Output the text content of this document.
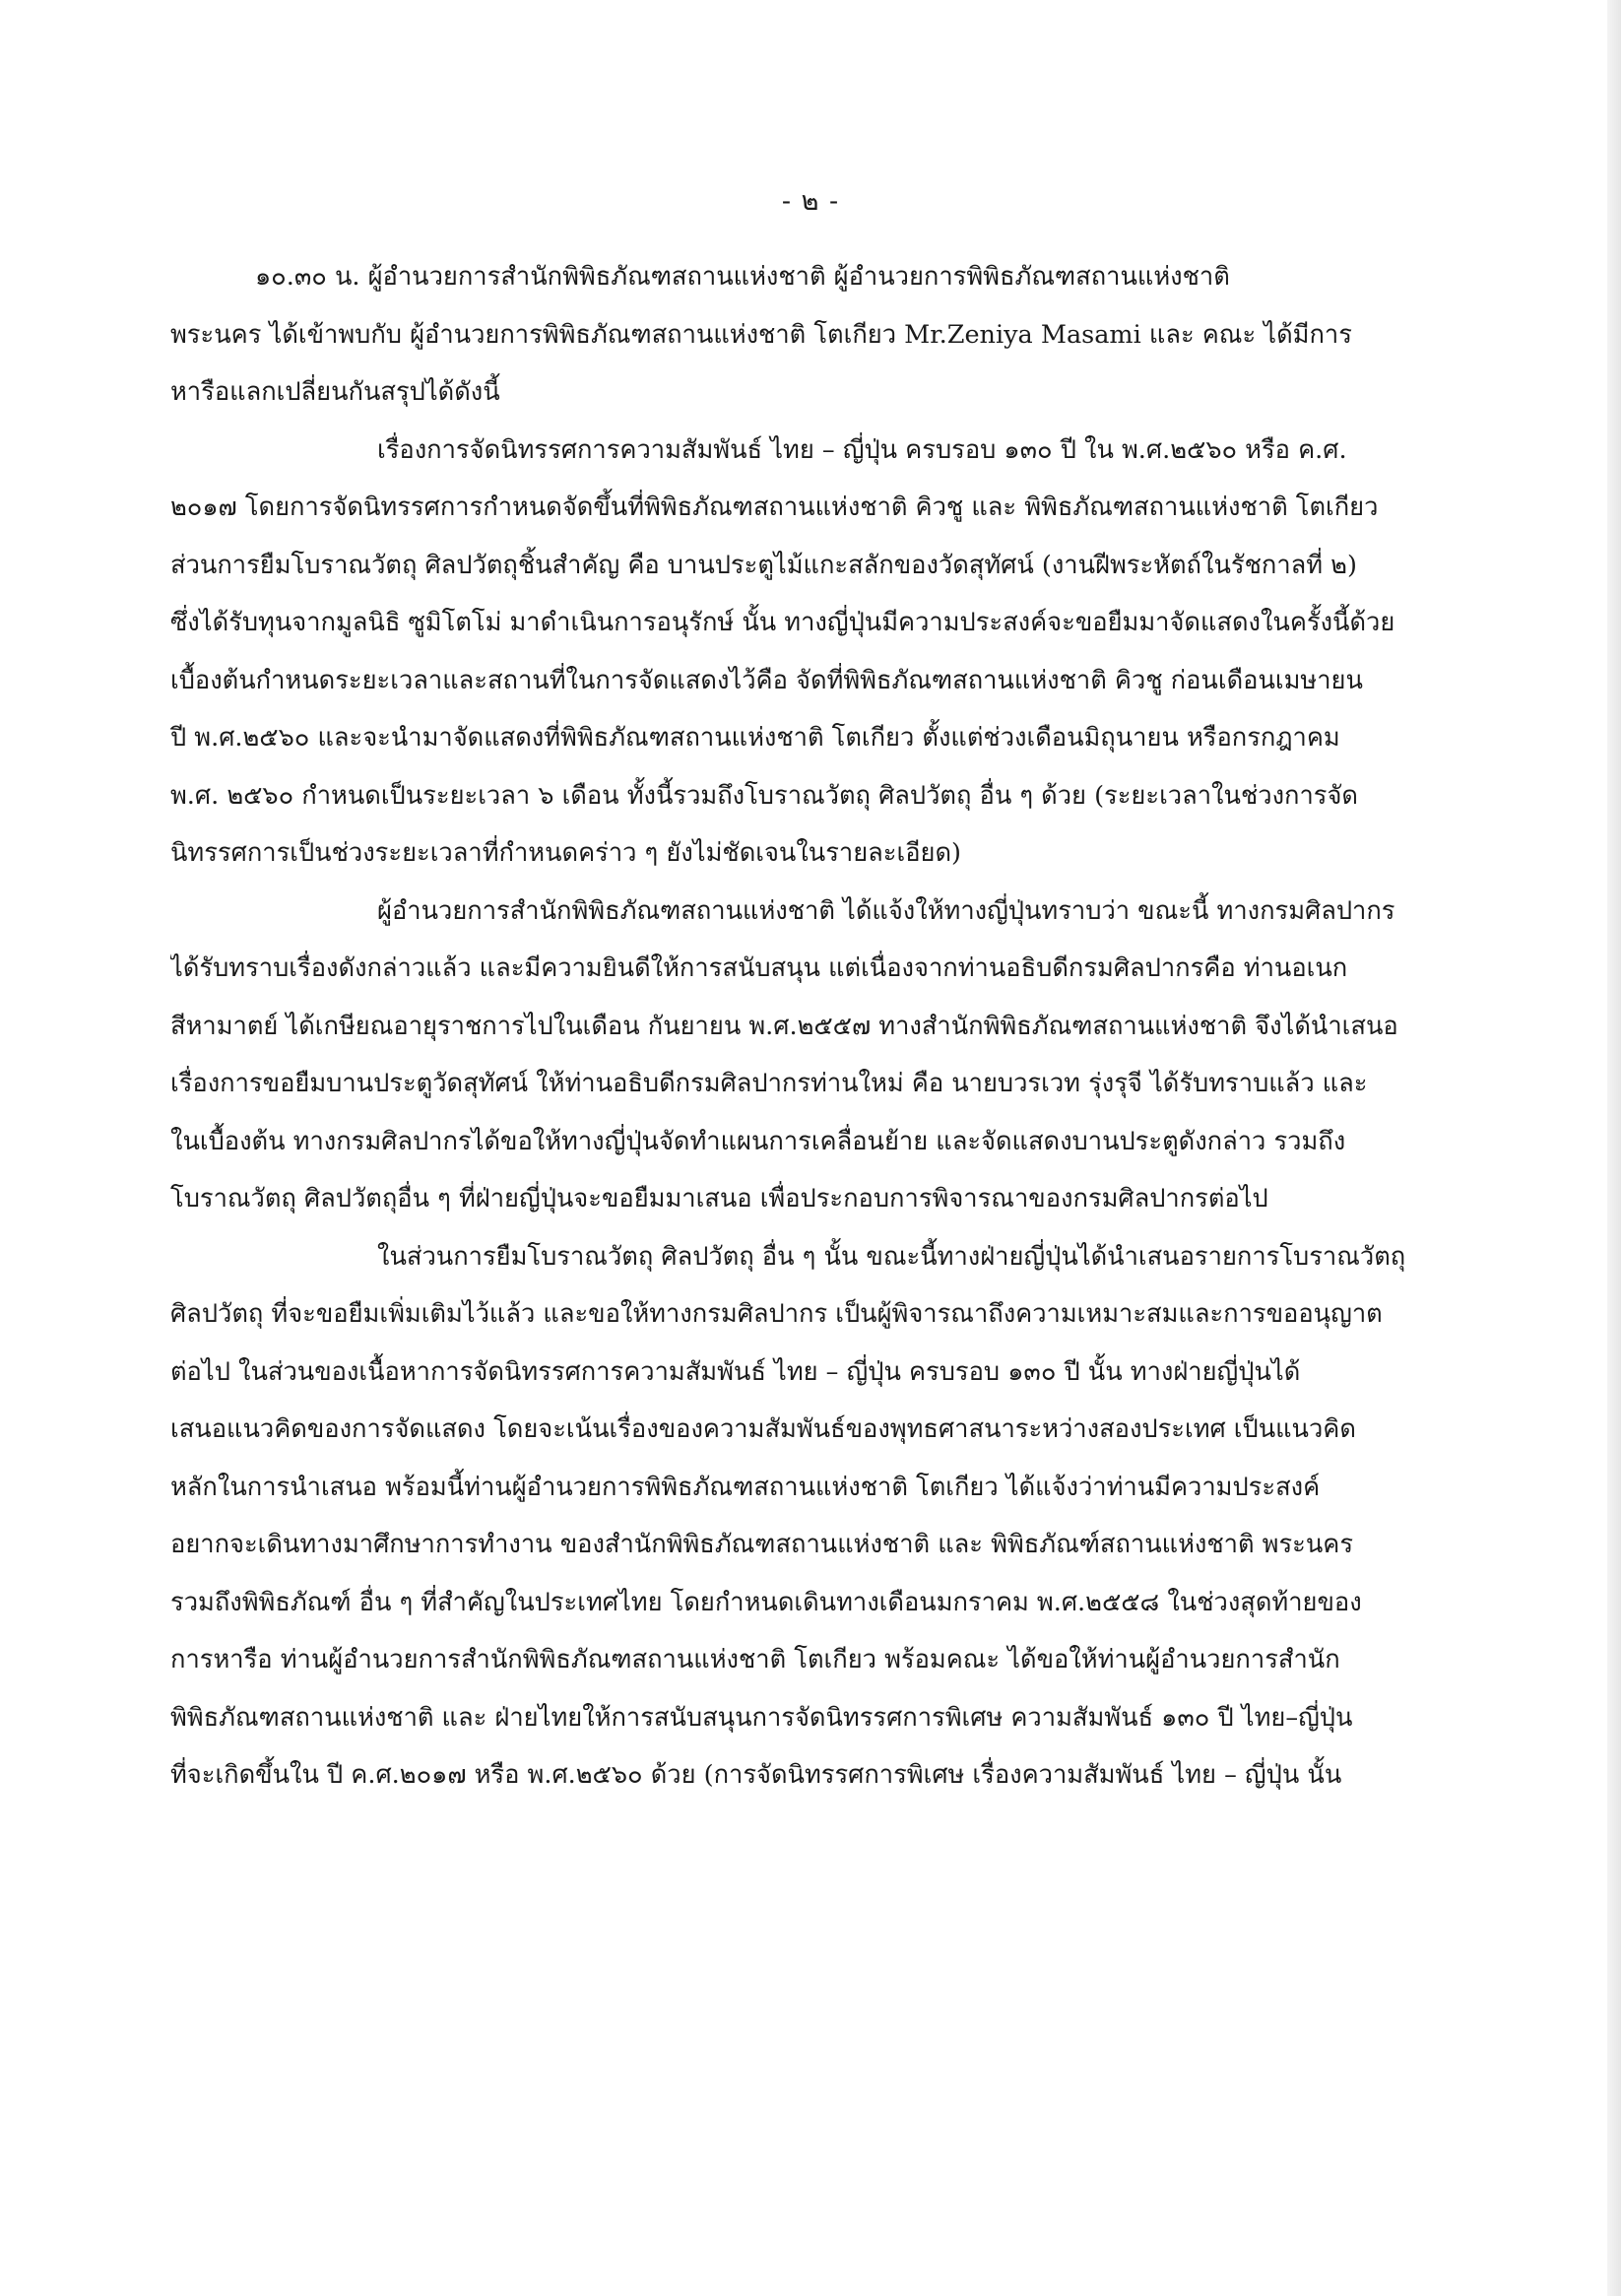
- ๒ -
๑๐.๓๐ น. ผู้อำนวยการสำนักพิพิธภัณฑสถานแห่งชาติ ผู้อำนวยการพิพิธภัณฑสถานแห่งชาติ
พระนคร ได้เข้าพบกับ ผู้อำนวยการพิพิธภัณฑสถานแห่งชาติ โตเกียว Mr.Zeniya Masami และ คณะ ได้มีการ
หารือแลกเปลี่ยนกันสรุปได้ดังนี้
เรื่องการจัดนิทรรศการความสัมพันธ์ ไทย – ญี่ปุ่น ครบรอบ ๑๓๐ ปี ใน พ.ศ.๒๕๖๐ หรือ ค.ศ.
๒๐๑๗ โดยการจัดนิทรรศการกำหนดจัดขึ้นที่พิพิธภัณฑสถานแห่งชาติ คิวชู และ พิพิธภัณฑสถานแห่งชาติ โตเกียว
ส่วนการยืมโบราณวัตถุ ศิลปวัตถุชิ้นสำคัญ คือ บานประตูไม้แกะสลักของวัดสุทัศน์ (งานฝีพระหัตถ์ในรัชกาลที่ ๒)
ซึ่งได้รับทุนจากมูลนิธิ ซูมิโตโม่ มาดำเนินการอนุรักษ์ นั้น ทางญี่ปุ่นมีความประสงค์จะขอยืมมาจัดแสดงในครั้งนี้ด้วย
เบื้องต้นกำหนดระยะเวลาและสถานที่ในการจัดแสดงไว้คือ จัดที่พิพิธภัณฑสถานแห่งชาติ คิวชู ก่อนเดือนเมษายน
ปี พ.ศ.๒๕๖๐ และจะนำมาจัดแสดงที่พิพิธภัณฑสถานแห่งชาติ โตเกียว ตั้งแต่ช่วงเดือนมิถุนายน หรือกรกฎาคม
พ.ศ. ๒๕๖๐ กำหนดเป็นระยะเวลา ๖ เดือน ทั้งนี้รวมถึงโบราณวัตถุ ศิลปวัตถุ อื่น ๆ ด้วย (ระยะเวลาในช่วงการจัด
นิทรรศการเป็นช่วงระยะเวลาที่กำหนดคร่าว ๆ ยังไม่ชัดเจนในรายละเอียด)
ผู้อำนวยการสำนักพิพิธภัณฑสถานแห่งชาติ ได้แจ้งให้ทางญี่ปุ่นทราบว่า ขณะนี้ ทางกรมศิลปากร
ได้รับทราบเรื่องดังกล่าวแล้ว และมีความยินดีให้การสนับสนุน แต่เนื่องจากท่านอธิบดีกรมศิลปากรคือ ท่านอเนก
สีหามาตย์ ได้เกษียณอายุราชการไปในเดือน กันยายน พ.ศ.๒๕๕๗ ทางสำนักพิพิธภัณฑสถานแห่งชาติ จึงได้นำเสนอ
เรื่องการขอยืมบานประตูวัดสุทัศน์ ให้ท่านอธิบดีกรมศิลปากรท่านใหม่ คือ นายบวรเวท รุ่งรุจี ได้รับทราบแล้ว และ
ในเบื้องต้น ทางกรมศิลปากรได้ขอให้ทางญี่ปุ่นจัดทำแผนการเคลื่อนย้าย และจัดแสดงบานประตูดังกล่าว รวมถึง
โบราณวัตถุ ศิลปวัตถุอื่น ๆ ที่ฝ่ายญี่ปุ่นจะขอยืมมาเสนอ เพื่อประกอบการพิจารณาของกรมศิลปากรต่อไป
ในส่วนการยืมโบราณวัตถุ ศิลปวัตถุ อื่น ๆ นั้น ขณะนี้ทางฝ่ายญี่ปุ่นได้นำเสนอรายการโบราณวัตถุ
ศิลปวัตถุ ที่จะขอยืมเพิ่มเติมไว้แล้ว และขอให้ทางกรมศิลปากร เป็นผู้พิจารณาถึงความเหมาะสมและการขออนุญาต
ต่อไป ในส่วนของเนื้อหาการจัดนิทรรศการความสัมพันธ์ ไทย – ญี่ปุ่น ครบรอบ ๑๓๐ ปี นั้น ทางฝ่ายญี่ปุ่นได้
เสนอแนวคิดของการจัดแสดง โดยจะเน้นเรื่องของความสัมพันธ์ของพุทธศาสนาระหว่างสองประเทศ เป็นแนวคิด
หลักในการนำเสนอ พร้อมนี้ท่านผู้อำนวยการพิพิธภัณฑสถานแห่งชาติ โตเกียว ได้แจ้งว่าท่านมีความประสงค์
อยากจะเดินทางมาศึกษาการทำงาน ของสำนักพิพิธภัณฑสถานแห่งชาติ และ พิพิธภัณฑ์สถานแห่งชาติ พระนคร
รวมถึงพิพิธภัณฑ์ อื่น ๆ ที่สำคัญในประเทศไทย โดยกำหนดเดินทางเดือนมกราคม พ.ศ.๒๕๕๘ ในช่วงสุดท้ายของ
การหารือ ท่านผู้อำนวยการสำนักพิพิธภัณฑสถานแห่งชาติ โตเกียว พร้อมคณะ ได้ขอให้ท่านผู้อำนวยการสำนัก
พิพิธภัณฑสถานแห่งชาติ และ ฝ่ายไทยให้การสนับสนุนการจัดนิทรรศการพิเศษ ความสัมพันธ์ ๑๓๐ ปี ไทย–ญี่ปุ่น
ที่จะเกิดขึ้นใน ปี ค.ศ.๒๐๑๗ หรือ พ.ศ.๒๕๖๐ ด้วย (การจัดนิทรรศการพิเศษ เรื่องความสัมพันธ์ ไทย – ญี่ปุ่น นั้น
